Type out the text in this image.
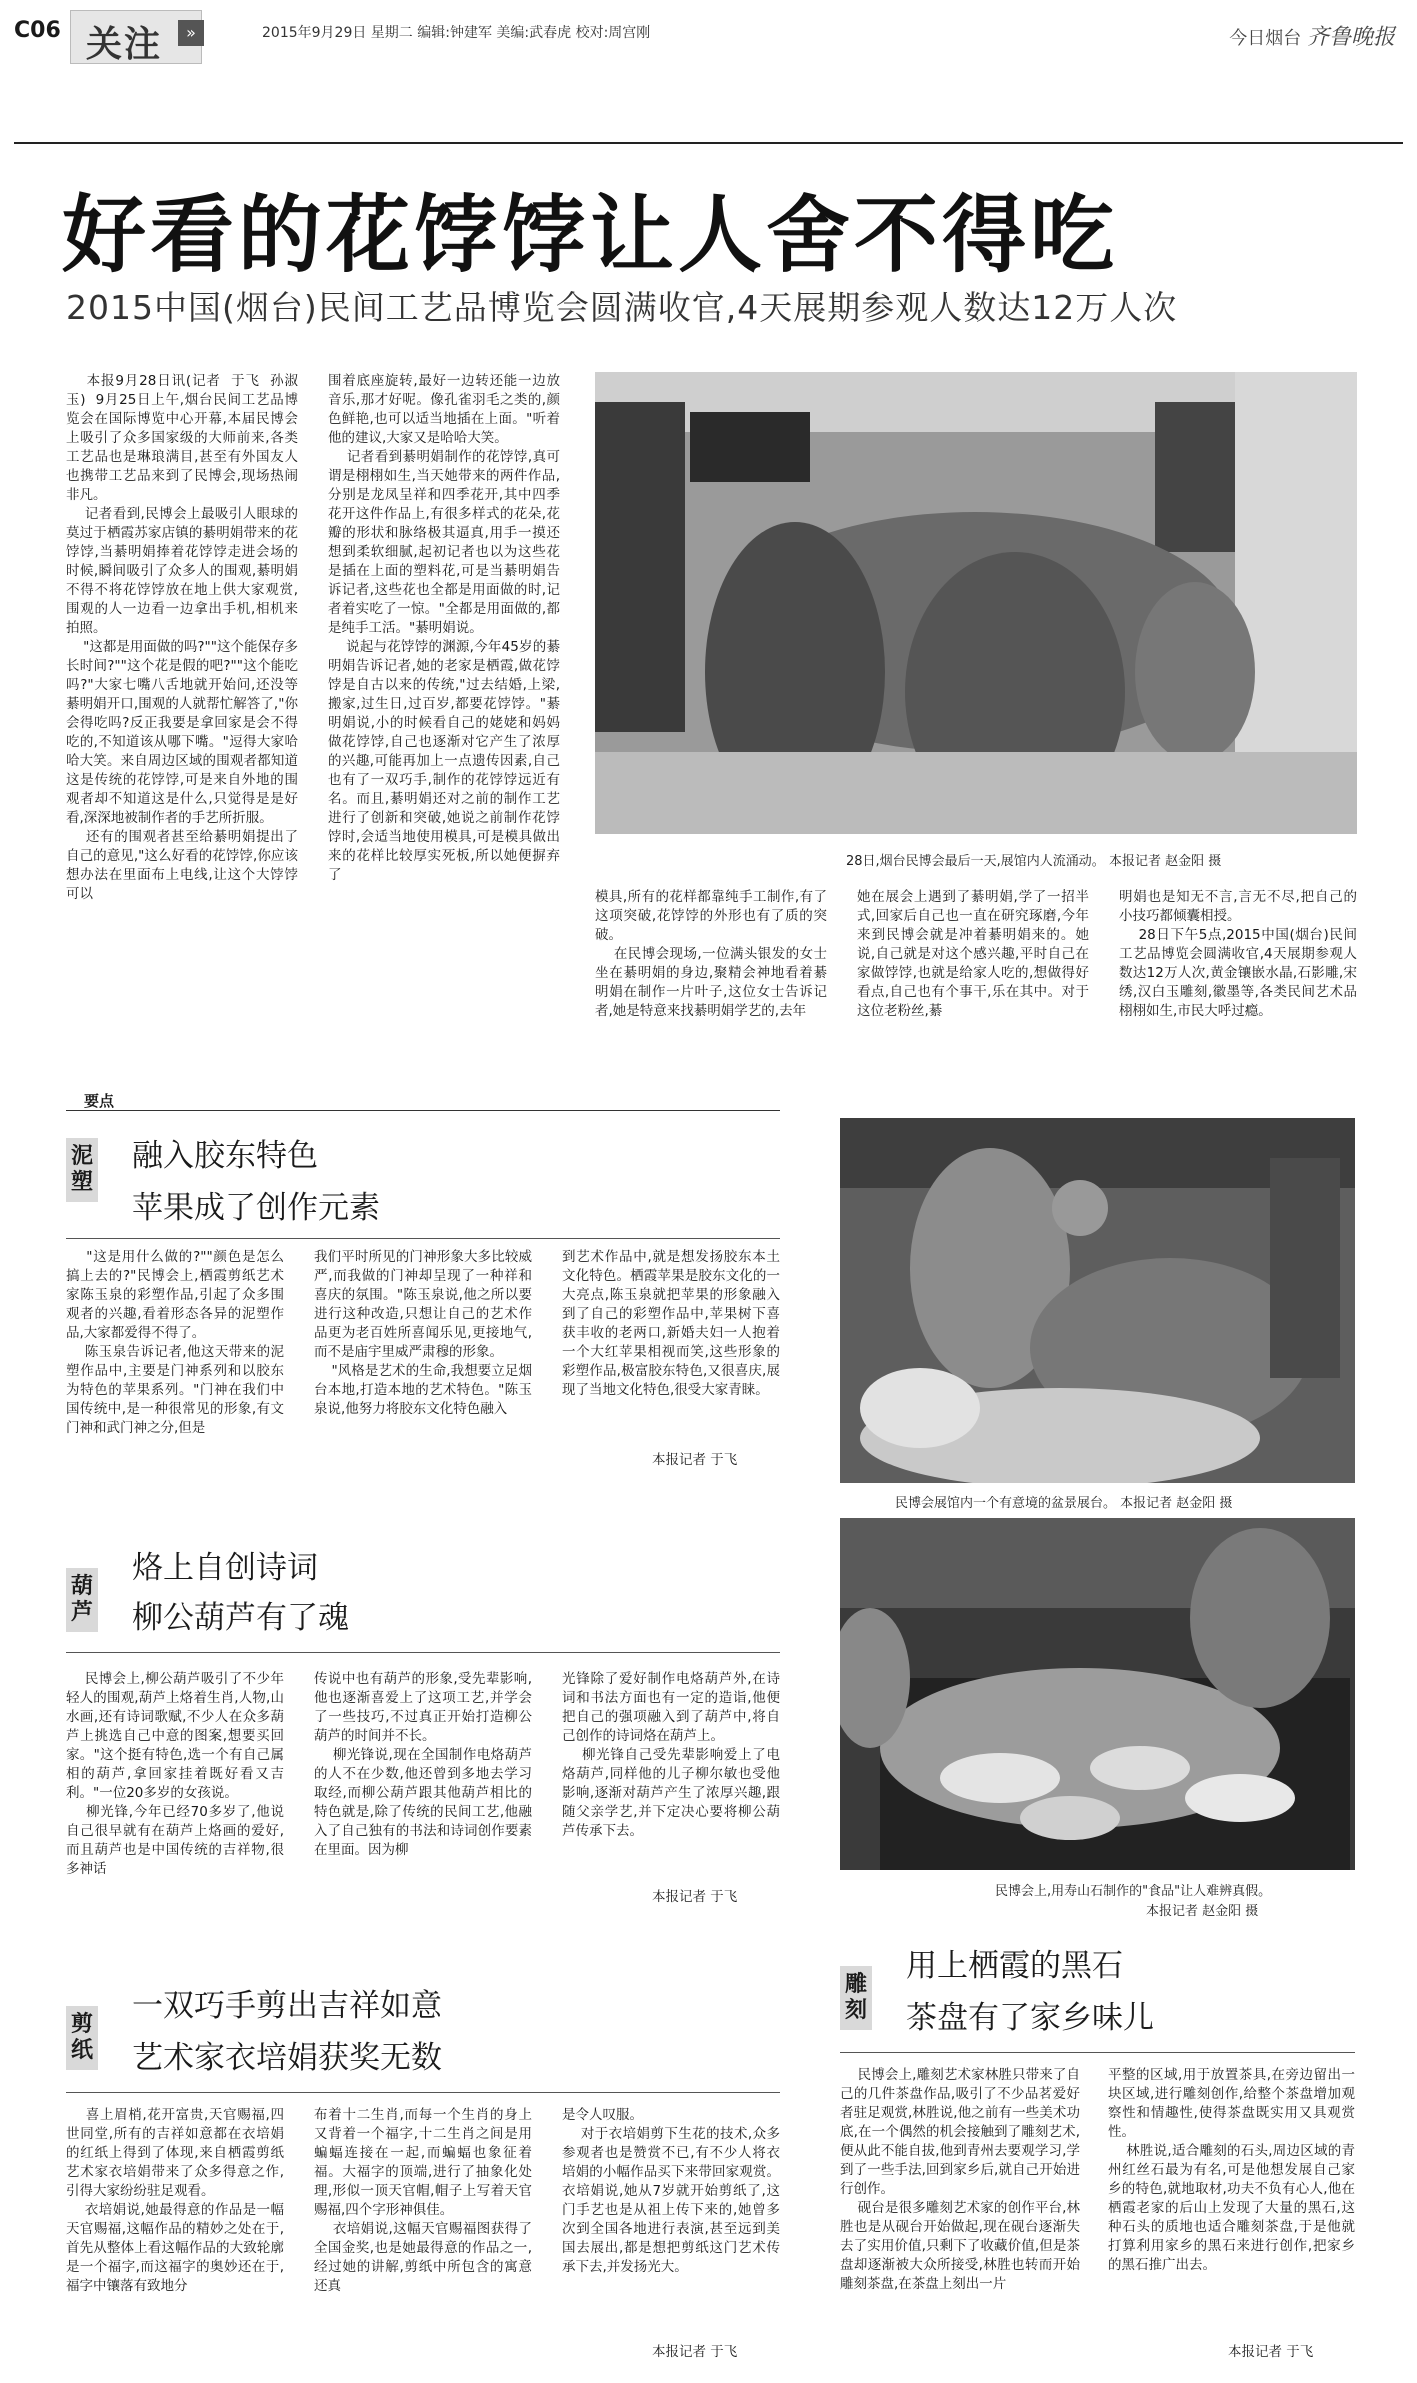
C06 关注	»	2015年9月29日 星期二 编辑:钟建军 美编:武春虎 校对:周宫刚	今日烟台 齐鲁晚报
好看的花饽饽让人舍不得吃
2015中国(烟台)民间工艺品博览会圆满收官,4天展期参观人数达12万人次
本报9月28日讯(记者  于飞  孙淑玉)  9月25日上午,烟台民间工艺品博览会在国际博览中心开幕,本届民博会上吸引了众多国家级的大师前来,各类工艺品也是琳琅满目,甚至有外国友人也携带工艺品来到了民博会,现场热闹非凡。
记者看到,民博会上最吸引人眼球的莫过于栖霞苏家店镇的綦明娟带来的花饽饽,当綦明娟捧着花饽饽走进会场的时候,瞬间吸引了众多人的围观,綦明娟不得不将花饽饽放在地上供大家观赏,围观的人一边看一边拿出手机,相机来拍照。
"这都是用面做的吗?""这个能保存多长时间?""这个花是假的吧?""这个能吃吗?"大家七嘴八舌地就开始问,还没等綦明娟开口,围观的人就帮忙解答了,"你会得吃吗?反正我要是拿回家是会不得吃的,不知道该从哪下嘴。"逗得大家哈哈大笑。来自周边区域的围观者都知道这是传统的花饽饽,可是来自外地的围观者却不知道这是什么,只觉得是是好看,深深地被制作者的手艺所折服。
还有的围观者甚至给綦明娟提出了自己的意见,"这么好看的花饽饽,你应该想办法在里面布上电线,让这个大饽饽可以
围着底座旋转,最好一边转还能一边放音乐,那才好呢。像孔雀羽毛之类的,颜色鲜艳,也可以适当地插在上面。"听着他的建议,大家又是哈哈大笑。
记者看到綦明娟制作的花饽饽,真可谓是栩栩如生,当天她带来的两件作品,分别是龙凤呈祥和四季花开,其中四季花开这件作品上,有很多样式的花朵,花瓣的形状和脉络极其逼真,用手一摸还想到柔软细腻,起初记者也以为这些花是插在上面的塑料花,可是当綦明娟告诉记者,这些花也全都是用面做的时,记者着实吃了一惊。"全都是用面做的,都是纯手工活。"綦明娟说。
说起与花饽饽的渊源,今年45岁的綦明娟告诉记者,她的老家是栖霞,做花饽饽是自古以来的传统,"过去结婚,上梁,搬家,过生日,过百岁,都要花饽饽。"綦明娟说,小的时候看自己的姥姥和妈妈做花饽饽,自己也逐渐对它产生了浓厚的兴趣,可能再加上一点遗传因素,自己也有了一双巧手,制作的花饽饽远近有名。而且,綦明娟还对之前的制作工艺进行了创新和突破,她说之前制作花饽饽时,会适当地使用模具,可是模具做出来的花样比较厚实死板,所以她便摒弃了
28日,烟台民博会最后一天,展馆内人流涌动。 本报记者 赵金阳 摄
模具,所有的花样都靠纯手工制作,有了这项突破,花饽饽的外形也有了质的突破。
在民博会现场,一位满头银发的女士坐在綦明娟的身边,聚精会神地看着綦明娟在制作一片叶子,这位女士告诉记者,她是特意来找綦明娟学艺的,去年
她在展会上遇到了綦明娟,学了一招半式,回家后自己也一直在研究琢磨,今年来到民博会就是冲着綦明娟来的。她说,自己就是对这个感兴趣,平时自己在家做饽饽,也就是给家人吃的,想做得好看点,自己也有个事干,乐在其中。对于这位老粉丝,綦
明娟也是知无不言,言无不尽,把自己的小技巧都倾囊相授。
28日下午5点,2015中国(烟台)民间工艺品博览会圆满收官,4天展期参观人数达12万人次,黄金镶嵌水晶,石影雕,宋绣,汉白玉雕刻,徽墨等,各类民间艺术品栩栩如生,市民大呼过瘾。
要点
泥塑
融入胶东特色
苹果成了创作元素
"这是用什么做的?""颜色是怎么搞上去的?"民博会上,栖霞剪纸艺术家陈玉泉的彩塑作品,引起了众多围观者的兴趣,看着形态各异的泥塑作品,大家都爱得不得了。
陈玉泉告诉记者,他这天带来的泥塑作品中,主要是门神系列和以胶东为特色的苹果系列。"门神在我们中国传统中,是一种很常见的形象,有文门神和武门神之分,但是
我们平时所见的门神形象大多比较威严,而我做的门神却呈现了一种祥和喜庆的氛围。"陈玉泉说,他之所以要进行这种改造,只想让自己的艺术作品更为老百姓所喜闻乐见,更接地气,而不是庙宇里威严肃穆的形象。
"风格是艺术的生命,我想要立足烟台本地,打造本地的艺术特色。"陈玉泉说,他努力将胶东文化特色融入
到艺术作品中,就是想发扬胶东本土文化特色。栖霞苹果是胶东文化的一大亮点,陈玉泉就把苹果的形象融入到了自己的彩塑作品中,苹果树下喜获丰收的老两口,新婚夫妇一人抱着一个大红苹果相视而笑,这些形象的彩塑作品,极富胶东特色,又很喜庆,展现了当地文化特色,很受大家青睐。
本报记者 于飞
民博会展馆内一个有意境的盆景展台。 本报记者 赵金阳 摄
葫芦
烙上自创诗词
柳公葫芦有了魂
民博会上,柳公葫芦吸引了不少年轻人的围观,葫芦上烙着生肖,人物,山水画,还有诗词歌赋,不少人在众多葫芦上挑选自己中意的图案,想要买回家。"这个挺有特色,选一个有自己属相的葫芦,拿回家挂着既好看又吉利。"一位20多岁的女孩说。
柳光锋,今年已经70多岁了,他说自己很早就有在葫芦上烙画的爱好,而且葫芦也是中国传统的吉祥物,很多神话
传说中也有葫芦的形象,受先辈影响,他也逐渐喜爱上了这项工艺,并学会了一些技巧,不过真正开始打造柳公葫芦的时间并不长。
柳光锋说,现在全国制作电烙葫芦的人不在少数,他还曾到多地去学习取经,而柳公葫芦跟其他葫芦相比的特色就是,除了传统的民间工艺,他融入了自己独有的书法和诗词创作要素在里面。因为柳
光锋除了爱好制作电烙葫芦外,在诗词和书法方面也有一定的造诣,他便把自己的强项融入到了葫芦中,将自己创作的诗词烙在葫芦上。
柳光锋自己受先辈影响爱上了电烙葫芦,同样他的儿子柳尔敏也受他影响,逐渐对葫芦产生了浓厚兴趣,跟随父亲学艺,并下定决心要将柳公葫芦传承下去。
本报记者 于飞	民博会上,用寿山石制作的"食品"让人难辨真假。
本报记者 赵金阳 摄
剪纸
一双巧手剪出吉祥如意
艺术家衣培娟获奖无数
喜上眉梢,花开富贵,天官赐福,四世同堂,所有的吉祥如意都在衣培娟的红纸上得到了体现,来自栖霞剪纸艺术家衣培娟带来了众多得意之作,引得大家纷纷驻足观看。
衣培娟说,她最得意的作品是一幅天官赐福,这幅作品的精妙之处在于,首先从整体上看这幅作品的大致轮廓是一个福字,而这福字的奥妙还在于,福字中镶落有致地分
布着十二生肖,而每一个生肖的身上又背着一个福字,十二生肖之间是用蝙蝠连接在一起,而蝙蝠也象征着福。大福字的顶端,进行了抽象化处理,形似一顶天官帽,帽子上写着天官赐福,四个字形神俱佳。
衣培娟说,这幅天官赐福图获得了全国金奖,也是她最得意的作品之一,经过她的讲解,剪纸中所包含的寓意还真
是令人叹服。
对于衣培娟剪下生花的技术,众多参观者也是赞赏不已,有不少人将衣培娟的小幅作品买下来带回家观赏。衣培娟说,她从7岁就开始剪纸了,这门手艺也是从祖上传下来的,她曾多次到全国各地进行表演,甚至远到美国去展出,都是想把剪纸这门艺术传承下去,并发扬光大。
本报记者 于飞
雕刻
用上栖霞的黑石
茶盘有了家乡味儿
民博会上,雕刻艺术家林胜只带来了自己的几件茶盘作品,吸引了不少品茗爱好者驻足观赏,林胜说,他之前有一些美术功底,在一个偶然的机会接触到了雕刻艺术,便从此不能自拔,他到青州去要观学习,学到了一些手法,回到家乡后,就自己开始进行创作。
砚台是很多雕刻艺术家的创作平台,林胜也是从砚台开始做起,现在砚台逐渐失去了实用价值,只剩下了收藏价值,但是茶盘却逐渐被大众所接受,林胜也转而开始雕刻茶盘,在茶盘上刻出一片
平整的区域,用于放置茶具,在旁边留出一块区域,进行雕刻创作,给整个茶盘增加观察性和情趣性,使得茶盘既实用又具观赏性。
林胜说,适合雕刻的石头,周边区域的青州红丝石最为有名,可是他想发展自己家乡的特色,就地取材,功夫不负有心人,他在栖霞老家的后山上发现了大量的黑石,这种石头的质地也适合雕刻茶盘,于是他就打算利用家乡的黑石来进行创作,把家乡的黑石推广出去。
本报记者 于飞
